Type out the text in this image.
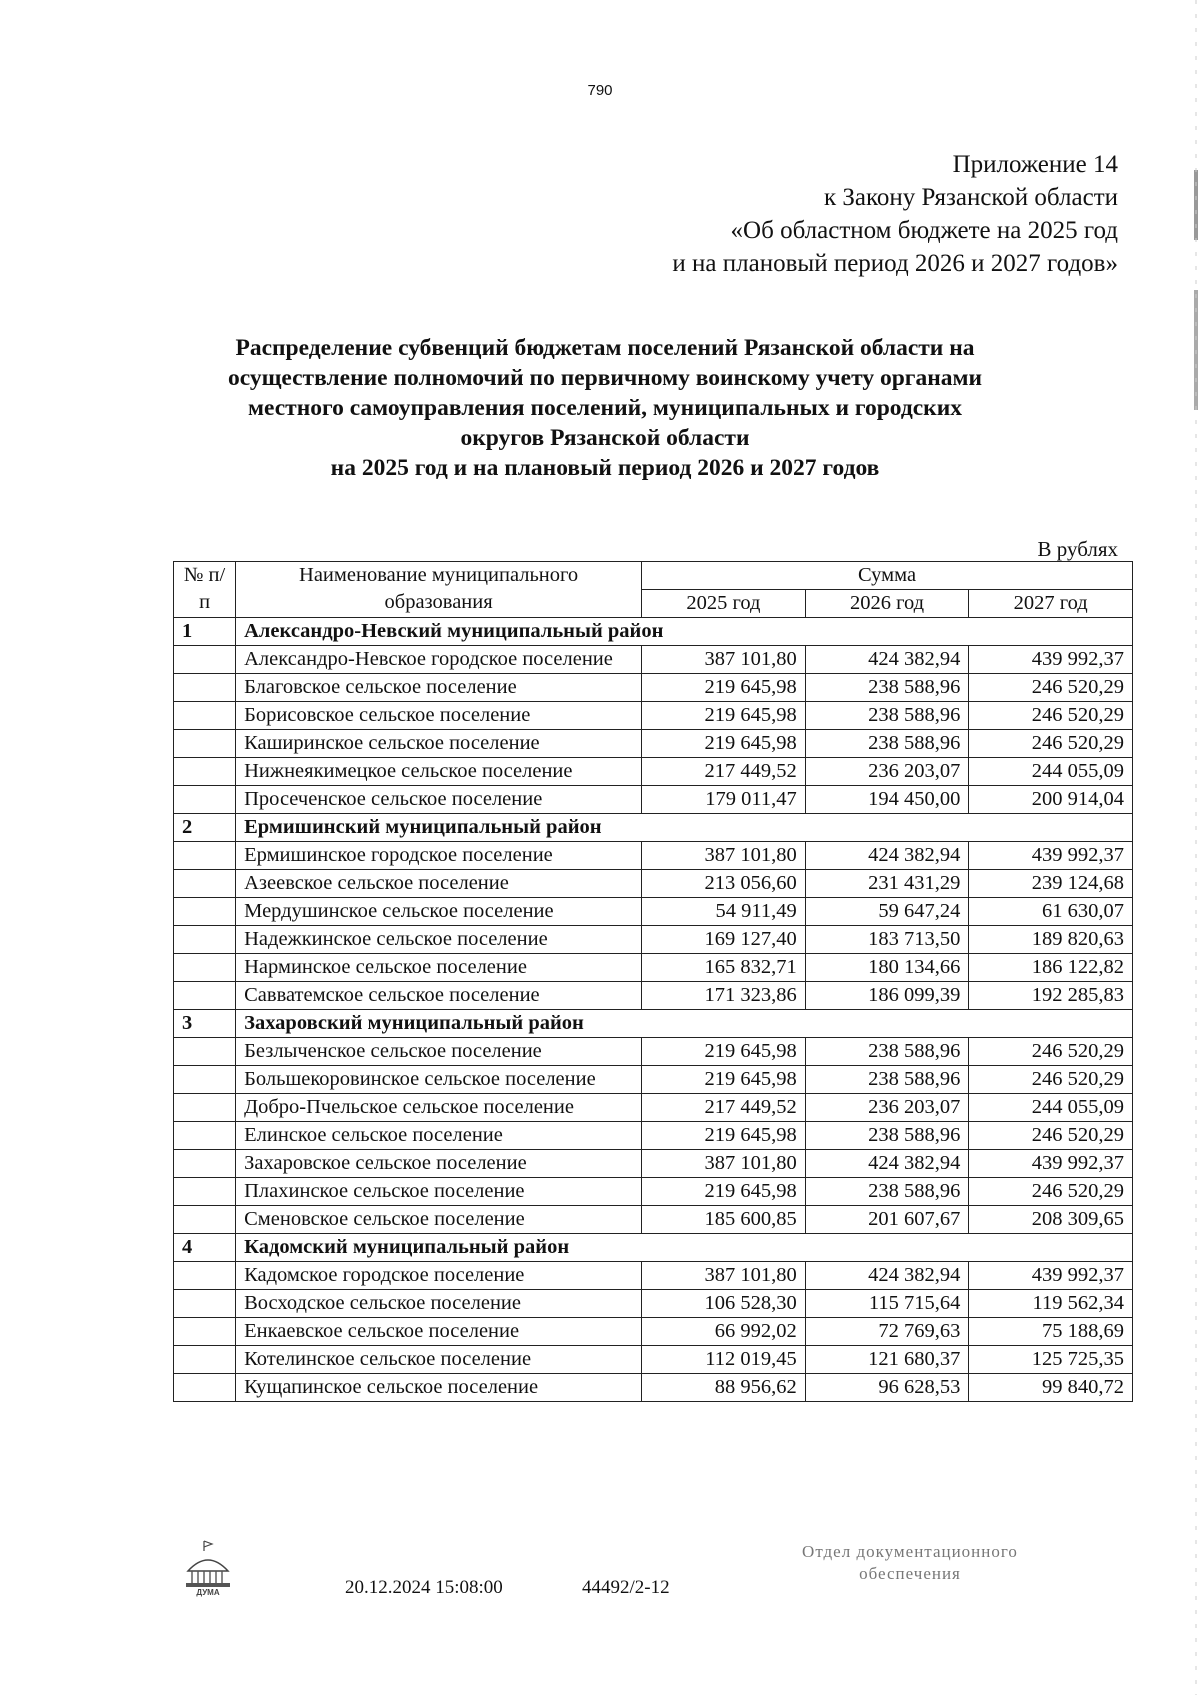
790
Приложение 14
к Закону Рязанской области
«Об областном бюджете на 2025 год
и на плановый период 2026 и 2027 годов»
Распределение субвенций бюджетам поселений Рязанской области на
осуществление полномочий по первичному воинскому учету органами
местного самоуправления поселений, муниципальных и городских
округов Рязанской области
на 2025 год и на плановый период 2026 и 2027 годов
В рублях
№ п/п	Наименование муниципального образования	Сумма		
		2025 год	2026 год	2027 год
1	Александро-Невский муниципальный район			
	Александро-Невское городское поселение	387 101,80	424 382,94	439 992,37
	Благовское сельское поселение	219 645,98	238 588,96	246 520,29
	Борисовское сельское поселение	219 645,98	238 588,96	246 520,29
	Каширинское сельское поселение	219 645,98	238 588,96	246 520,29
	Нижнеякимецкое сельское поселение	217 449,52	236 203,07	244 055,09
	Просеченское сельское поселение	179 011,47	194 450,00	200 914,04
2	Ермишинский муниципальный район			
	Ермишинское городское поселение	387 101,80	424 382,94	439 992,37
	Азеевское сельское поселение	213 056,60	231 431,29	239 124,68
	Мердушинское сельское поселение	54 911,49	59 647,24	61 630,07
	Надежкинское сельское поселение	169 127,40	183 713,50	189 820,63
	Нарминское сельское поселение	165 832,71	180 134,66	186 122,82
	Савватемское сельское поселение	171 323,86	186 099,39	192 285,83
3	Захаровский муниципальный район			
	Безлыченское сельское поселение	219 645,98	238 588,96	246 520,29
	Большекоровинское сельское поселение	219 645,98	238 588,96	246 520,29
	Добро-Пчельское сельское поселение	217 449,52	236 203,07	244 055,09
	Елинское сельское поселение	219 645,98	238 588,96	246 520,29
	Захаровское сельское поселение	387 101,80	424 382,94	439 992,37
	Плахинское сельское поселение	219 645,98	238 588,96	246 520,29
	Сменовское сельское поселение	185 600,85	201 607,67	208 309,65
4	Кадомский муниципальный район			
	Кадомское городское поселение	387 101,80	424 382,94	439 992,37
	Восходское сельское поселение	106 528,30	115 715,64	119 562,34
	Енкаевское сельское поселение	66 992,02	72 769,63	75 188,69
	Котелинское сельское поселение	112 019,45	121 680,37	125 725,35
	Кущапинское сельское поселение	88 956,62	96 628,53	99 840,72
ДУМА	20.12.2024 15:08:00	44492/2-12
Отдел документационного
обеспечения
